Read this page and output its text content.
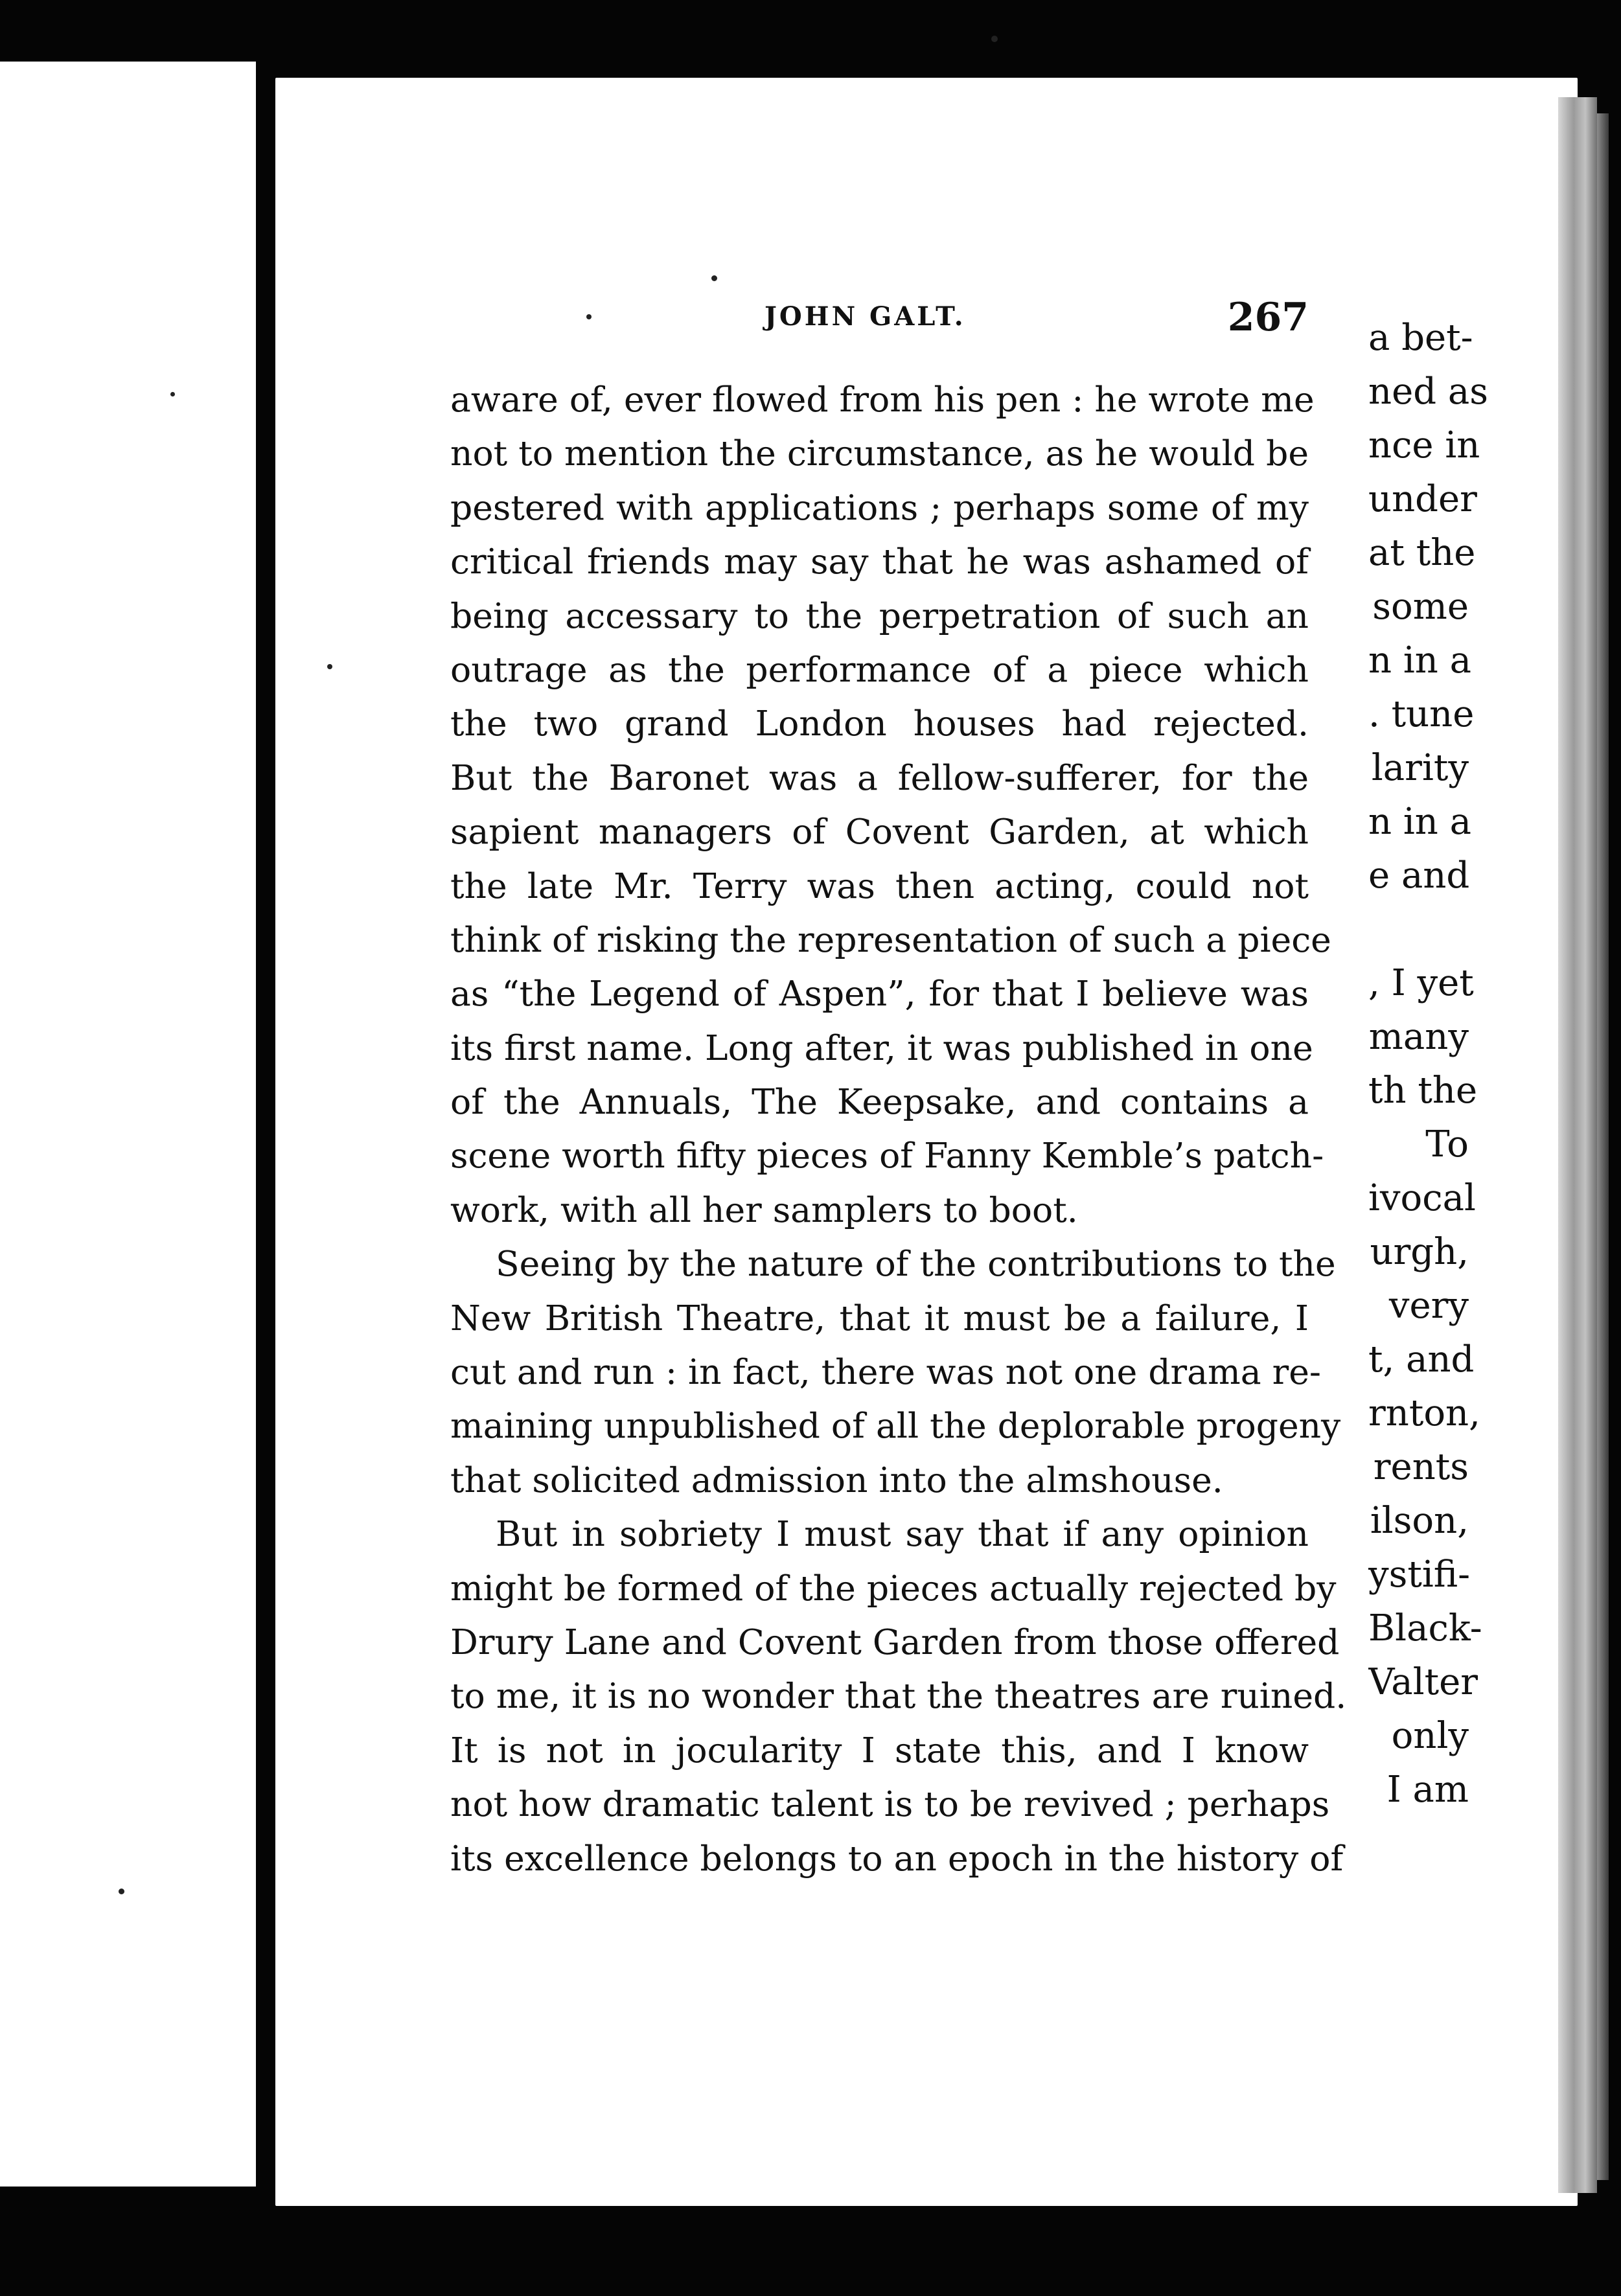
a bet-
ned as
nce in
under
at the
some
n in a
. tune
larity
n in a
e and
, I yet
many
th the
To
ivocal
urgh,
very
t, and
rnton,
rents
ilson,
ystifi-
Black-
Valter
only
I am
JOHN GALT.	267
aware of, ever flowed from his pen : he wrote me
not to mention the circumstance, as he would be
pestered with applications ; perhaps some of my
critical friends may say that he was ashamed of
being accessary to the perpetration of such an
outrage as the performance of a piece which
the two grand London houses had rejected.
But the Baronet was a fellow-sufferer, for the
sapient managers of Covent Garden, at which
the late Mr. Terry was then acting, could not
think of risking the representation of such a piece
as “the Legend of Aspen”, for that I believe was
its first name. Long after, it was published in one
of the Annuals, The Keepsake, and contains a
scene worth fifty pieces of Fanny Kemble’s patch-
work, with all her samplers to boot.
Seeing by the nature of the contributions to the
New British Theatre, that it must be a failure, I
cut and run : in fact, there was not one drama re-
maining unpublished of all the deplorable progeny
that solicited admission into the almshouse.
But in sobriety I must say that if any opinion
might be formed of the pieces actually rejected by
Drury Lane and Covent Garden from those offered
to me, it is no wonder that the theatres are ruined.
It is not in jocularity I state this, and I know
not how dramatic talent is to be revived ; perhaps
its excellence belongs to an epoch in the history of
